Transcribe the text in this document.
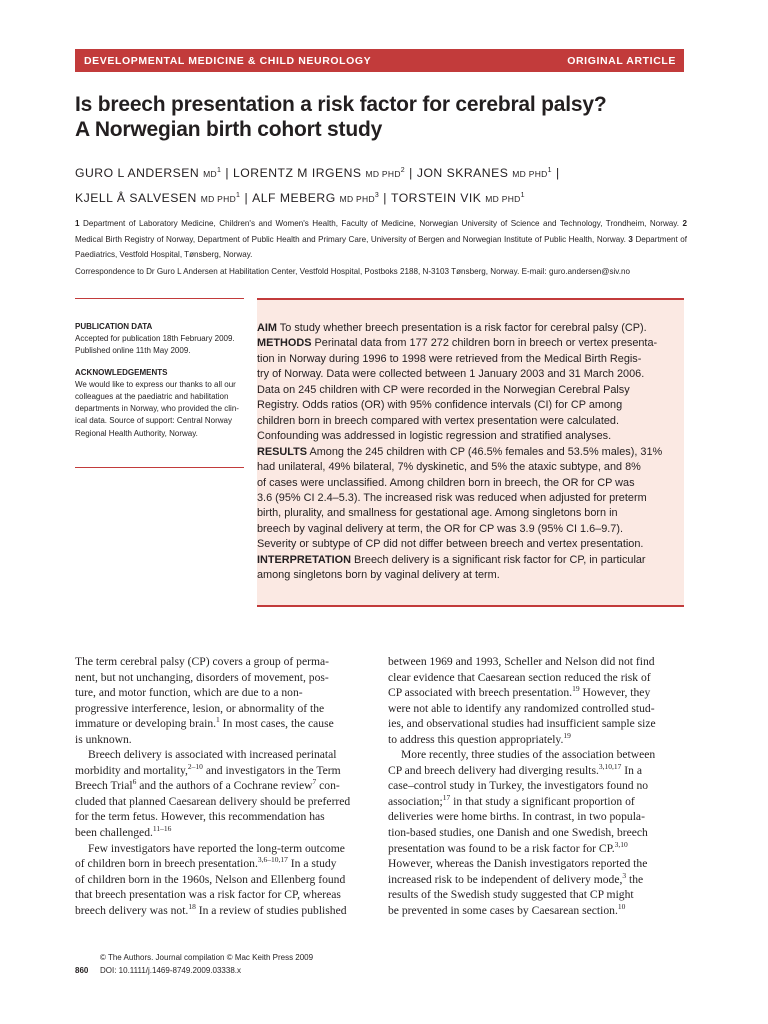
DEVELOPMENTAL MEDICINE & CHILD NEUROLOGY	ORIGINAL ARTICLE
Is breech presentation a risk factor for cerebral palsy?
A Norwegian birth cohort study
GURO L ANDERSEN $MD^1$ | LORENTZ M IRGENS MD PHD$^2$ | JON SKRANES MD PHD$^1$ |
KJELL Å SALVESEN MD PHD$^1$ | ALF MEBERG MD PHD$^3$ | TORSTEIN VIK MD PHD$^1$
1 Department of Laboratory Medicine, Children's and Women's Health, Faculty of Medicine, Norwegian University of Science and Technology, Trondheim, Norway. 2 Medical Birth Registry of Norway, Department of Public Health and Primary Care, University of Bergen and Norwegian Institute of Public Health, Norway. 3 Department of Paediatrics, Vestfold Hospital, Tønsberg, Norway.
Correspondence to Dr Guro L Andersen at Habilitation Center, Vestfold Hospital, Postboks 2188, N-3103 Tønsberg, Norway. E-mail: guro.andersen@siv.no
PUBLICATION DATA
Accepted for publication 18th February 2009.
Published online 11th May 2009.
ACKNOWLEDGEMENTS
We would like to express our thanks to all our
colleagues at the paediatric and habilitation
departments in Norway, who provided the clin-
ical data. Source of support: Central Norway
Regional Health Authority, Norway.
AIM To study whether breech presentation is a risk factor for cerebral palsy (CP).
METHODS Perinatal data from 177 272 children born in breech or vertex presenta-
tion in Norway during 1996 to 1998 were retrieved from the Medical Birth Regis-
try of Norway. Data were collected between 1 January 2003 and 31 March 2006.
Data on 245 children with CP were recorded in the Norwegian Cerebral Palsy
Registry. Odds ratios (OR) with 95% confidence intervals (CI) for CP among
children born in breech compared with vertex presentation were calculated.
Confounding was addressed in logistic regression and stratified analyses.
RESULTS Among the 245 children with CP (46.5% females and 53.5% males), 31%
had unilateral, 49% bilateral, 7% dyskinetic, and 5% the ataxic subtype, and 8%
of cases were unclassified. Among children born in breech, the OR for CP was
3.6 (95% CI 2.4–5.3). The increased risk was reduced when adjusted for preterm
birth, plurality, and smallness for gestational age. Among singletons born in
breech by vaginal delivery at term, the OR for CP was 3.9 (95% CI 1.6–9.7).
Severity or subtype of CP did not differ between breech and vertex presentation.
INTERPRETATION Breech delivery is a significant risk factor for CP, in particular
among singletons born by vaginal delivery at term.
The term cerebral palsy (CP) covers a group of perma-
nent, but not unchanging, disorders of movement, pos-
ture, and motor function, which are due to a non-
progressive interference, lesion, or abnormality of the
immature or developing brain.$^1$ In most cases, the cause
is unknown.
Breech delivery is associated with increased perinatal
morbidity and mortality,$^{2-10}$ and investigators in the Term
Breech Trial$^6$ and the authors of a Cochrane review$^7$ con-
cluded that planned Caesarean delivery should be preferred
for the term fetus. However, this recommendation has
been challenged.$^{11-16}$
Few investigators have reported the long-term outcome
of children born in breech presentation.$^{3,6-10,17}$ In a study
of children born in the 1960s, Nelson and Ellenberg found
that breech presentation was a risk factor for CP, whereas
breech delivery was not.$^{18}$ In a review of studies published
between 1969 and 1993, Scheller and Nelson did not find
clear evidence that Caesarean section reduced the risk of
CP associated with breech presentation.$^{19}$ However, they
were not able to identify any randomized controlled stud-
ies, and observational studies had insufficient sample size
to address this question appropriately.$^{19}$
More recently, three studies of the association between
CP and breech delivery had diverging results.$^{3,10,17}$ In a
case–control study in Turkey, the investigators found no
association;$^{17}$ in that study a significant proportion of
deliveries were home births. In contrast, in two popula-
tion-based studies, one Danish and one Swedish, breech
presentation was found to be a risk factor for CP.$^{3,10}$
However, whereas the Danish investigators reported the
increased risk to be independent of delivery mode,$^3$ the
results of the Swedish study suggested that CP might
be prevented in some cases by Caesarean section.$^{10}$
© The Authors. Journal compilation © Mac Keith Press 2009
860 DOI: 10.1111/j.1469-8749.2009.03338.x
